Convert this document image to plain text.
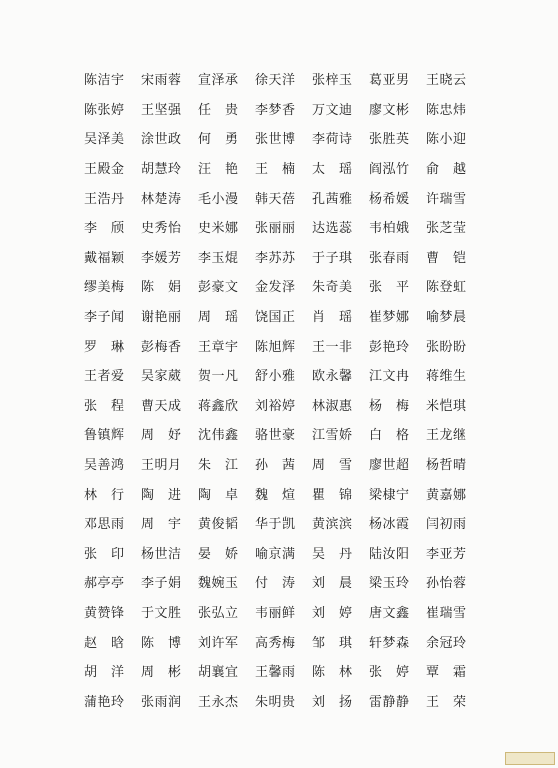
陈洁宇	宋雨蓉	宣泽承	徐天洋	张梓玉	葛亚男	王晓云
陈张婷	王坚强	任　贵	李梦香	万文迪	廖文彬	陈忠炜
吴泽美	涂世政	何　勇	张世博	李荷诗	张胜英	陈小迎
王殿金	胡慧玲	汪　艳	王　楠	太　瑶	阎泓竹	俞　越
王浩丹	林楚涛	毛小漫	韩天蓓	孔茜雅	杨希媛	许瑞雪
李　颀	史秀怡	史米娜	张丽丽	达选蕊	韦柏娥	张芝莹
戴福颖	李媛芳	李玉焜	李苏苏	于子琪	张春雨	曹　铠
缪美梅	陈　娟	彭豪文	金发泽	朱奇美	张　平	陈登虹
李子闻	谢艳丽	周　瑶	饶国正	肖　瑶	崔梦娜	喻梦晨
罗　琳	彭梅香	王章宇	陈旭辉	王一非	彭艳玲	张盼盼
王者爱	吴家葳	贺一凡	舒小雅	欧永馨	江文冉	蒋维生
张　程	曹天成	蒋鑫欣	刘裕婷	林淑惠	杨　梅	米恺琪
鲁镇辉	周　妤	沈伟鑫	骆世豪	江雪娇	白　格	王龙继
吴善鸿	王明月	朱　江	孙　茜	周　雪	廖世超	杨哲晴
林　行	陶　进	陶　卓	魏　煊	瞿　锦	梁棣宁	黄嘉娜
邓思雨	周　宇	黄俊韬	华于凯	黄滨滨	杨冰霞	闫初雨
张　印	杨世洁	晏　娇	喻京满	吴　丹	陆汝阳	李亚芳
郝亭亭	李子娟	魏婉玉	付　涛	刘　晨	梁玉玲	孙怡蓉
黄赞锋	于文胜	张弘立	韦丽鲜	刘　婷	唐文鑫	崔瑞雪
赵　晗	陈　博	刘许军	高秀梅	邹　琪	轩梦森	余冠玲
胡　洋	周　彬	胡襄宜	王馨雨	陈　林	张　婷	覃　霜
蒲艳玲	张雨润	王永杰	朱明贵	刘　扬	雷静静	王　荣
